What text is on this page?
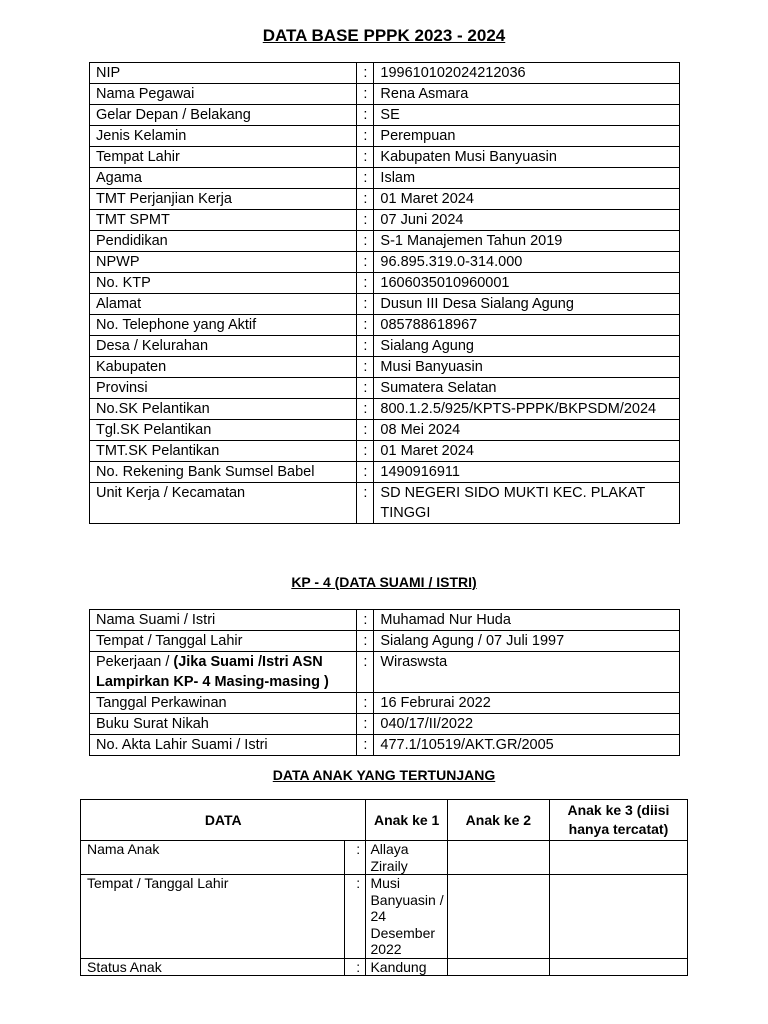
DATA BASE PPPK 2023 - 2024
NIP	:	199610102024212036
Nama Pegawai	:	Rena Asmara
Gelar Depan / Belakang	:	SE
Jenis Kelamin	:	Perempuan
Tempat Lahir	:	Kabupaten Musi Banyuasin
Agama	:	Islam
TMT Perjanjian Kerja	:	01 Maret 2024
TMT SPMT	:	07 Juni 2024
Pendidikan	:	S-1 Manajemen Tahun 2019
NPWP	:	96.895.319.0-314.000
No. KTP	:	1606035010960001
Alamat	:	Dusun III Desa Sialang Agung
No. Telephone yang Aktif	:	085788618967
Desa / Kelurahan	:	Sialang Agung
Kabupaten	:	Musi Banyuasin
Provinsi	:	Sumatera Selatan
No.SK Pelantikan	:	800.1.2.5/925/KPTS-PPPK/BKPSDM/2024
Tgl.SK Pelantikan	:	08 Mei 2024
TMT.SK Pelantikan	:	01 Maret 2024
No. Rekening Bank Sumsel Babel	:	1490916911
Unit Kerja / Kecamatan	:	SD NEGERI SIDO MUKTI KEC. PLAKAT TINGGI
KP - 4 (DATA SUAMI / ISTRI)
Nama Suami / Istri	:	Muhamad Nur Huda
Tempat / Tanggal Lahir	:	Sialang Agung / 07 Juli 1997
Pekerjaan / (Jika Suami /Istri ASN Lampirkan KP- 4 Masing-masing )	:	Wiraswsta
Tanggal Perkawinan	:	16 Februrai 2022
Buku Surat Nikah	:	040/17/II/2022
No. Akta Lahir Suami / Istri	:	477.1/10519/AKT.GR/2005
DATA ANAK YANG TERTUNJANG
DATA		Anak ke 1	Anak ke 2	Anak ke 3 (diisi hanya tercatat)
Nama Anak	:	Allaya Ziraily		
Tempat / Tanggal Lahir	:	Musi Banyuasin / 24 Desember 2022		
Status Anak	:	Kandung		
